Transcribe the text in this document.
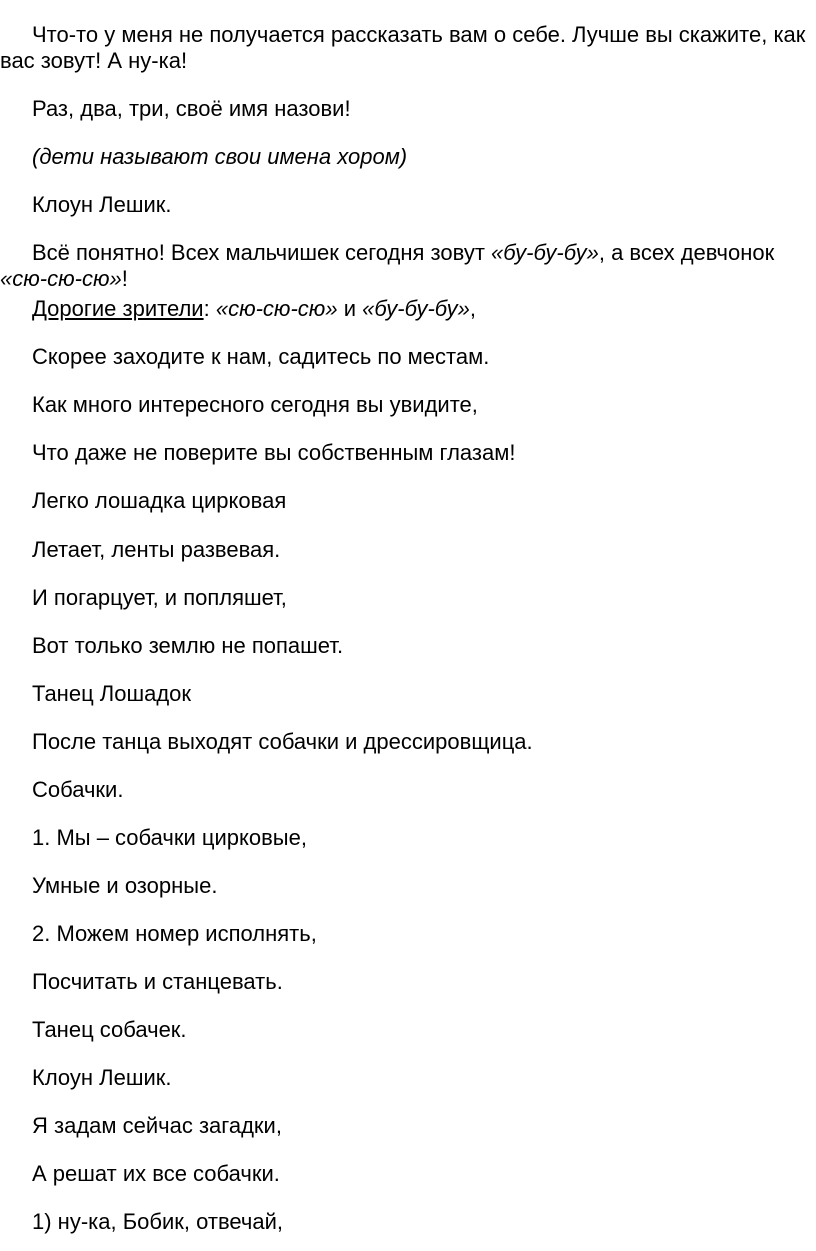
Что-то у меня не получается рассказать вам о себе. Лучше вы скажите, как вас зовут! А ну-ка!

Раз, два, три, своё имя назови!

(дети называют свои имена хором)

Клоун Лешик.

Всё понятно! Всех мальчишек сегодня зовут «бу-бу-бу», а всех девчонок «сю-сю-сю»!

Дорогие зрители: «сю-сю-сю» и «бу-бу-бу»,

Скорее заходите к нам, садитесь по местам.

Как много интересного сегодня вы увидите,

Что даже не поверите вы собственным глазам!

Легко лошадка цирковая

Летает, ленты развевая.

И погарцует, и попляшет,

Вот только землю не попашет.

Танец Лошадок

После танца выходят собачки и дрессировщица.

Собачки.

1. Мы – собачки цирковые,

Умные и озорные.

2. Можем номер исполнять,

Посчитать и станцевать.

Танец собачек.

Клоун Лешик.

Я задам сейчас загадки,

А решат их все собачки.

1) ну-ка, Бобик, отвечай,
